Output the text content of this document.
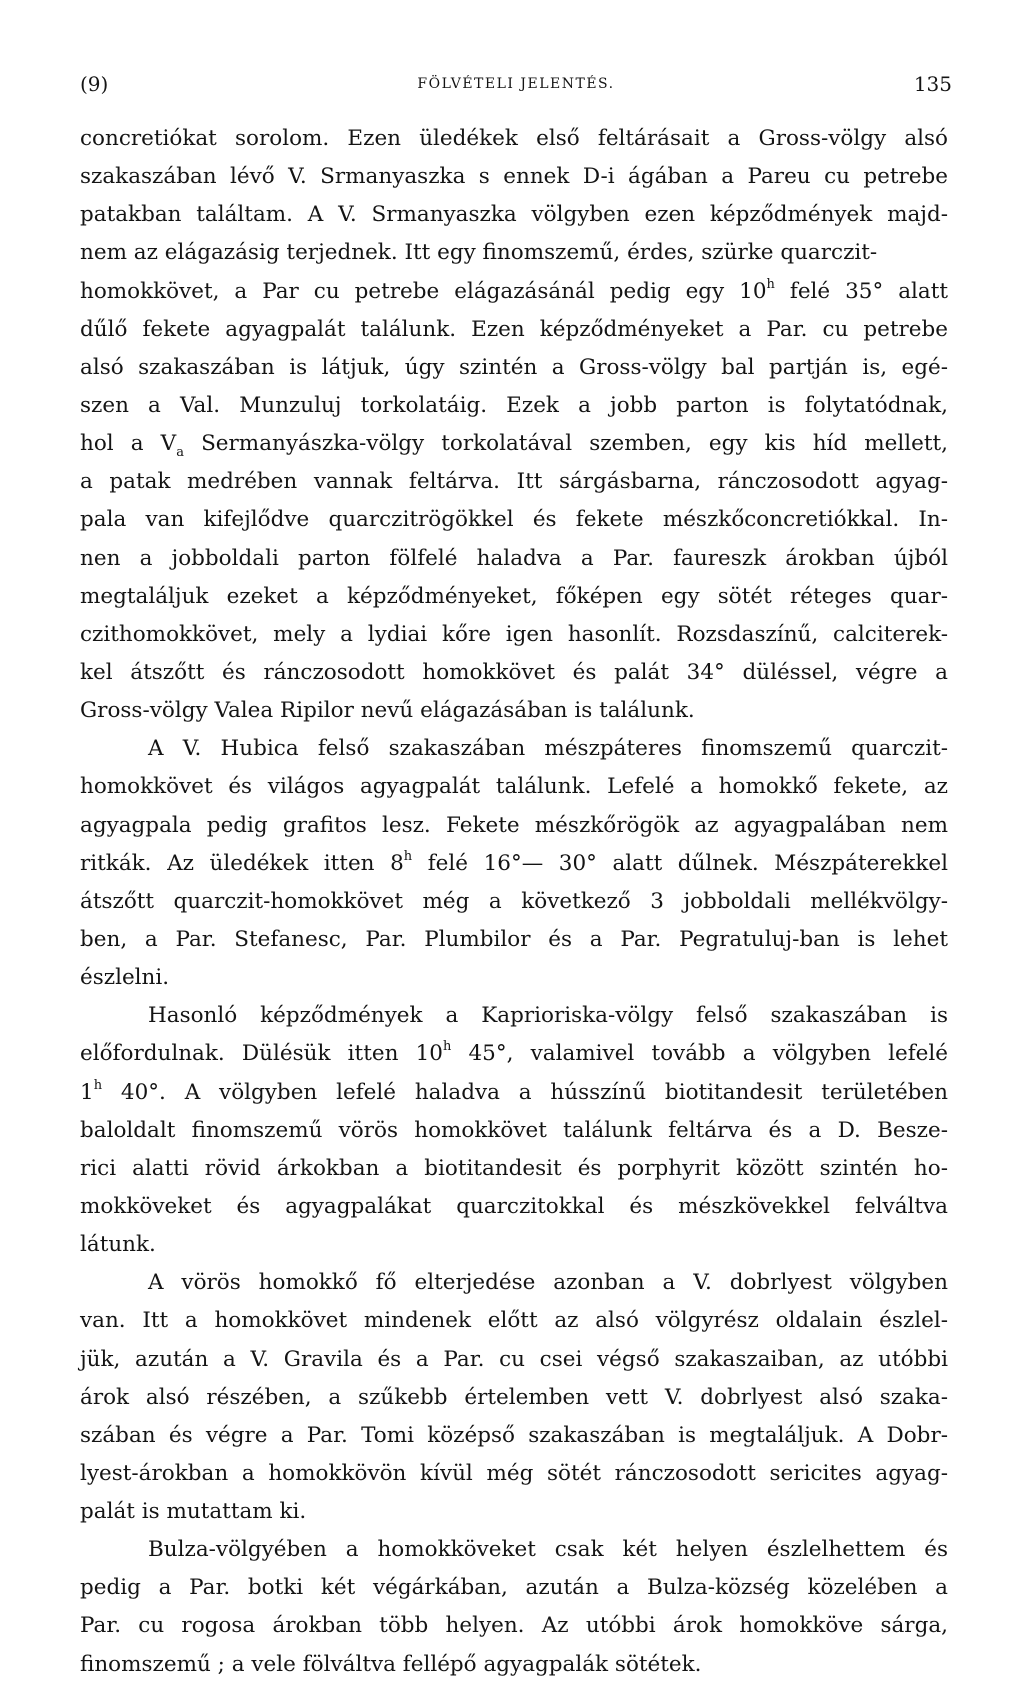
(9)	FÖLVÉTELI JELENTÉS.	135
concretiókat sorolom. Ezen üledékek első feltárásait a Gross-völgy alsó
szakaszában lévő V. Srmanyaszka s ennek D-i ágában a Pareu cu petrebe
patakban találtam. A V. Srmanyaszka völgyben ezen képződmények majd-
nem az elágazásig terjednek. Itt egy finomszemű, érdes, szürke quarczit-
homokkövet, a Par cu petrebe elágazásánál pedig egy 10$^h$ felé 35° alatt
dűlő fekete agyagpalát találunk. Ezen képződményeket a Par. cu petrebe
alsó szakaszában is látjuk, úgy szintén a Gross-völgy bal partján is, egé-
szen a Val. Munzuluj torkolatáig. Ezek a jobb parton is folytatódnak,
hol a Va Sermanyászka-völgy torkolatával szemben, egy kis híd mellett,
a patak medrében vannak feltárva. Itt sárgásbarna, ránczosodott agyag-
pala van kifejlődve quarczitrögökkel és fekete mészkőconcretiókkal. In-
nen a jobboldali parton fölfelé haladva a Par. faureszk árokban újból
megtaláljuk ezeket a képződményeket, főképen egy sötét réteges quar-
czithomokkövet, mely a lydiai kőre igen hasonlít. Rozsdaszínű, calciterek-
kel átszőtt és ránczosodott homokkövet és palát 34° düléssel, végre a
Gross-völgy Valea Ripilor nevű elágazásában is találunk.
A V. Hubica felső szakaszában mészpáteres finomszemű quarczit-
homokkövet és világos agyagpalát találunk. Lefelé a homokkő fekete, az
agyagpala pedig grafitos lesz. Fekete mészkőrögök az agyagpalában nem
ritkák. Az üledékek itten 8$^h$ felé 16°— 30° alatt dűlnek. Mészpáterekkel
átszőtt quarczit-homokkövet még a következő 3 jobboldali mellékvölgy-
ben, a Par. Stefanesc, Par. Plumbilor és a Par. Pegratuluj-ban is lehet
észlelni.
Hasonló képződmények a Kaprioriska-völgy felső szakaszában is
előfordulnak. Dülésük itten 10$^h$ 45°, valamivel tovább a völgyben lefelé
1$^h$ 40°. A völgyben lefelé haladva a hússzínű biotitandesit területében
baloldalt finomszemű vörös homokkövet találunk feltárva és a D. Besze-
rici alatti rövid árkokban a biotitandesit és porphyrit között szintén ho-
mokköveket és agyagpalákat quarczitokkal és mészkövekkel felváltva
látunk.
A vörös homokkő fő elterjedése azonban a V. dobrlyest völgyben
van. Itt a homokkövet mindenek előtt az alsó völgyrész oldalain észlel-
jük, azután a V. Gravila és a Par. cu csei végső szakaszaiban, az utóbbi
árok alsó részében, a szűkebb értelemben vett V. dobrlyest alsó szaka-
szában és végre a Par. Tomi középső szakaszában is megtaláljuk. A Dobr-
lyest-árokban a homokkövön kívül még sötét ránczosodott sericites agyag-
palát is mutattam ki.
Bulza-völgyében a homokköveket csak két helyen észlelhettem és
pedig a Par. botki két végárkában, azután a Bulza-község közelében a
Par. cu rogosa árokban több helyen. Az utóbbi árok homokköve sárga,
finomszemű ; a vele fölváltva fellépő agyagpalák sötétek.
